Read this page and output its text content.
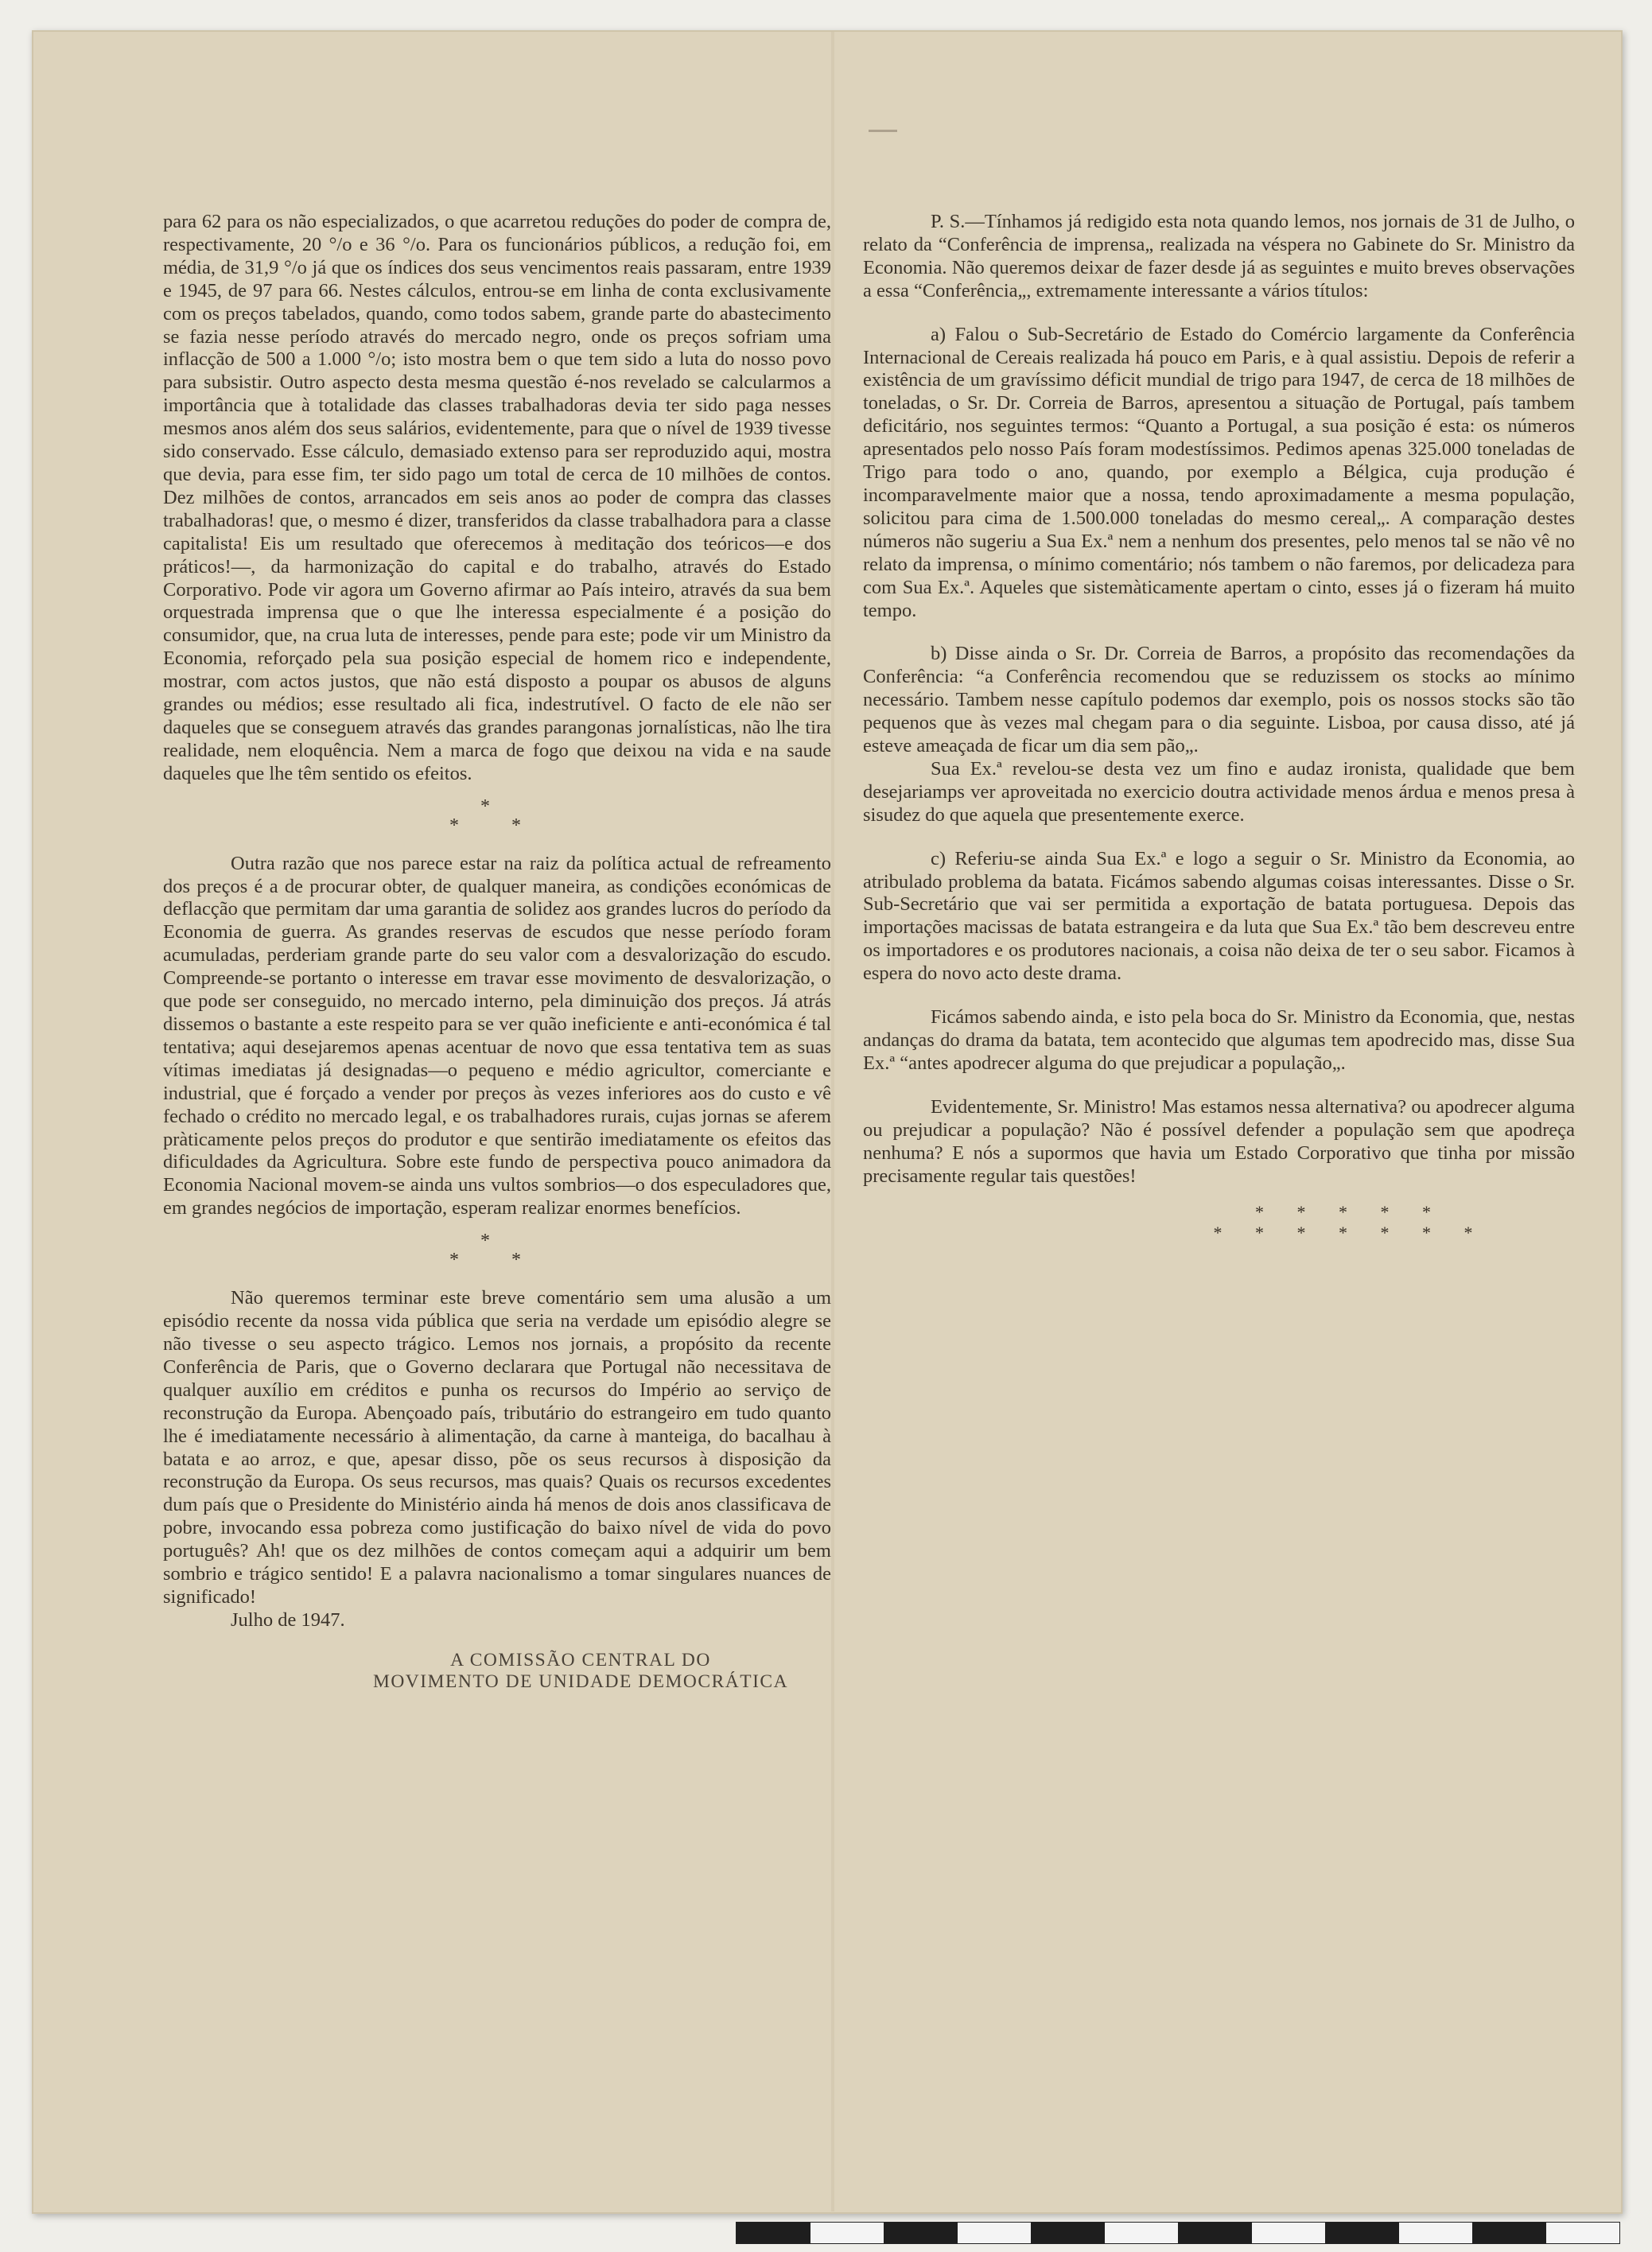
para 62 para os não especializados, o que acarretou reduções do poder de compra de, respectivamente, 20 °/o e 36 °/o. Para os funcionários públicos, a redução foi, em média, de 31,9 °/o já que os índices dos seus vencimentos reais passaram, entre 1939 e 1945, de 97 para 66. Nestes cálculos, entrou-se em linha de conta exclusivamente com os preços tabelados, quando, como todos sabem, grande parte do abastecimento se fazia nesse período através do mercado negro, onde os preços sofriam uma inflacção de 500 a 1.000 °/o; isto mostra bem o que tem sido a luta do nosso povo para subsistir. Outro aspecto desta mesma questão é-nos revelado se calcularmos a importância que à totalidade das classes trabalhadoras devia ter sido paga nesses mesmos anos além dos seus salários, evidentemente, para que o nível de 1939 tivesse sido conservado. Esse cálculo, demasiado extenso para ser reproduzido aqui, mostra que devia, para esse fim, ter sido pago um total de cerca de 10 milhões de contos. Dez milhões de contos, arrancados em seis anos ao poder de compra das classes trabalhadoras! que, o mesmo é dizer, transferidos da classe trabalhadora para a classe capitalista! Eis um resultado que oferecemos à meditação dos teóricos—e dos práticos!—, da harmonização do capital e do trabalho, através do Estado Corporativo. Pode vir agora um Governo afirmar ao País inteiro, através da sua bem orquestrada imprensa que o que lhe interessa especialmente é a posição do consumidor, que, na crua luta de interesses, pende para este; pode vir um Ministro da Economia, reforçado pela sua posição especial de homem rico e independente, mostrar, com actos justos, que não está disposto a poupar os abusos de alguns grandes ou médios; esse resultado ali fica, indestrutível. O facto de ele não ser daqueles que se conseguem através das grandes parangonas jornalísticas, não lhe tira realidade, nem eloquência. Nem a marca de fogo que deixou na vida e na saude daqueles que lhe têm sentido os efeitos.

*
* *

Outra razão que nos parece estar na raiz da política actual de refreamento dos preços é a de procurar obter, de qualquer maneira, as condições económicas de deflacção que permitam dar uma garantia de solidez aos grandes lucros do período da Economia de guerra. As grandes reservas de escudos que nesse período foram acumuladas, perderiam grande parte do seu valor com a desvalorização do escudo. Compreende-se portanto o interesse em travar esse movimento de desvalorização, o que pode ser conseguido, no mercado interno, pela diminuição dos preços. Já atrás dissemos o bastante a este respeito para se ver quão ineficiente e anti-económica é tal tentativa; aqui desejaremos apenas acentuar de novo que essa tentativa tem as suas vítimas imediatas já designadas—o pequeno e médio agricultor, comerciante e industrial, que é forçado a vender por preços às vezes inferiores aos do custo e vê fechado o crédito no mercado legal, e os trabalhadores rurais, cujas jornas se aferem pràticamente pelos preços do produtor e que sentirão imediatamente os efeitos das dificuldades da Agricultura. Sobre este fundo de perspectiva pouco animadora da Economia Nacional movem-se ainda uns vultos sombrios—o dos especuladores que, em grandes negócios de importação, esperam realizar enormes benefícios.

*
* *

Não queremos terminar este breve comentário sem uma alusão a um episódio recente da nossa vida pública que seria na verdade um episódio alegre se não tivesse o seu aspecto trágico. Lemos nos jornais, a propósito da recente Conferência de Paris, que o Governo declarara que Portugal não necessitava de qualquer auxílio em créditos e punha os recursos do Império ao serviço de reconstrução da Europa. Abençoado país, tributário do estrangeiro em tudo quanto lhe é imediatamente necessário à alimentação, da carne à manteiga, do bacalhau à batata e ao arroz, e que, apesar disso, põe os seus recursos à disposição da reconstrução da Europa. Os seus recursos, mas quais? Quais os recursos excedentes dum país que o Presidente do Ministério ainda há menos de dois anos classificava de pobre, invocando essa pobreza como justificação do baixo nível de vida do povo português? Ah! que os dez milhões de contos começam aqui a adquirir um bem sombrio e trágico sentido! E a palavra nacionalismo a tomar singulares nuances de significado!

Julho de 1947.

A COMISSÃO CENTRAL DO
MOVIMENTO DE UNIDADE DEMOCRÁTICA

P. S.—Tínhamos já redigido esta nota quando lemos, nos jornais de 31 de Julho, o relato da “Conferência de imprensa„ realizada na véspera no Gabinete do Sr. Ministro da Economia. Não queremos deixar de fazer desde já as seguintes e muito breves observações a essa “Conferência„, extremamente interessante a vários títulos:

a) Falou o Sub-Secretário de Estado do Comércio largamente da Conferência Internacional de Cereais realizada há pouco em Paris, e à qual assistiu. Depois de referir a existência de um gravíssimo déficit mundial de trigo para 1947, de cerca de 18 milhões de toneladas, o Sr. Dr. Correia de Barros, apresentou a situação de Portugal, país tambem deficitário, nos seguintes termos: “Quanto a Portugal, a sua posição é esta: os números apresentados pelo nosso País foram modestíssimos. Pedimos apenas 325.000 toneladas de Trigo para todo o ano, quando, por exemplo a Bélgica, cuja produção é incomparavelmente maior que a nossa, tendo aproximadamente a mesma população, solicitou para cima de 1.500.000 toneladas do mesmo cereal„. A comparação destes números não sugeriu a Sua Ex.ª nem a nenhum dos presentes, pelo menos tal se não vê no relato da imprensa, o mínimo comentário; nós tambem o não faremos, por delicadeza para com Sua Ex.ª. Aqueles que sistemàticamente apertam o cinto, esses já o fizeram há muito tempo.

b) Disse ainda o Sr. Dr. Correia de Barros, a propósito das recomendações da Conferência: “a Conferência recomendou que se reduzissem os stocks ao mínimo necessário. Tambem nesse capítulo podemos dar exemplo, pois os nossos stocks são tão pequenos que às vezes mal chegam para o dia seguinte. Lisboa, por causa disso, até já esteve ameaçada de ficar um dia sem pão„.

Sua Ex.ª revelou-se desta vez um fino e audaz ironista, qualidade que bem desejariamps ver aproveitada no exercicio doutra actividade menos árdua e menos presa à sisudez do que aquela que presentemente exerce.

c) Referiu-se ainda Sua Ex.ª e logo a seguir o Sr. Ministro da Economia, ao atribulado problema da batata. Ficámos sabendo algumas coisas interessantes. Disse o Sr. Sub-Secretário que vai ser permitida a exportação de batata portuguesa. Depois das importações macissas de batata estrangeira e da luta que Sua Ex.ª tão bem descreveu entre os importadores e os produtores nacionais, a coisa não deixa de ter o seu sabor. Ficamos à espera do novo acto deste drama.

Ficámos sabendo ainda, e isto pela boca do Sr. Ministro da Economia, que, nestas andanças do drama da batata, tem acontecido que algumas tem apodrecido mas, disse Sua Ex.ª “antes apodrecer alguma do que prejudicar a população„.

Evidentemente, Sr. Ministro! Mas estamos nessa alternativa? ou apodrecer alguma ou prejudicar a população? Não é possível defender a população sem que apodreça nenhuma? E nós a supormos que havia um Estado Corporativo que tinha por missão precisamente regular tais questões!

* * * * *
* * * * * * *
